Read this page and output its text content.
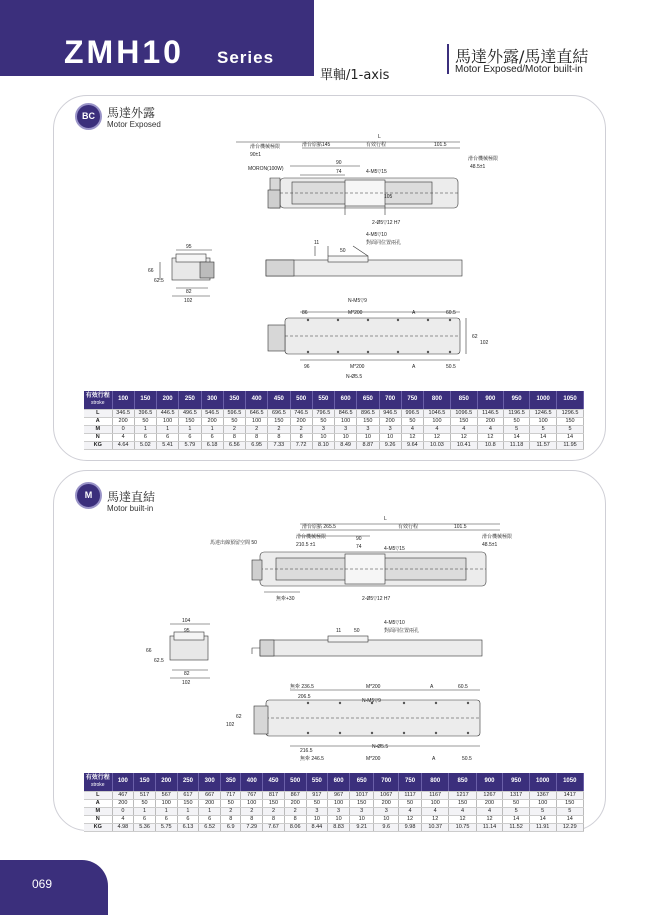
ZMH10 Series
單軸/1-axis
馬達外露/馬達直結
Motor Exposed/Motor built-in
BC	馬達外露
Motor Exposed
L
滑台原點145	有效行程	101.5
滑台機械極限
90±1
滑台機械極限
48.5±1
MORON(100W)
90
74	4-M5▽15
105
2-Ø5▽12 H7
95
66
62.5
82
102
11
50
4-M5▽10
對面同位置兩孔
N-M5▽9
86	M*200	A	60.5
62
102
96	M*200	A	50.5
N-Ø5.5
有效行程
stroke	100	150	200	250	300	350	400	450	500	550	600	650	700	750	800	850	900	950	1000	1050
L	346.5	396.5	446.5	496.5	546.5	596.5	646.5	696.5	746.5	796.5	846.5	896.5	946.5	996.5	1046.5	1096.5	1146.5	1196.5	1246.5	1296.5
A	200	50	100	150	200	50	100	150	200	50	100	150	200	50	100	150	200	50	100	150
M	0	1	1	1	1	2	2	2	2	3	3	3	3	4	4	4	4	5	5	5
N	4	6	6	6	6	8	8	8	8	10	10	10	10	12	12	12	12	14	14	14
KG	4.64	5.02	5.41	5.79	6.18	6.56	6.95	7.33	7.72	8.10	8.49	8.87	9.26	9.64	10.03	10.41	10.8	11.18	11.57	11.95
M	馬達直結
Motor built-in
L
滑台原點 265.5	有效行程	101.5
滑台機械極限
210.5 ±1
滑台機械極限
48.5±1
馬達出線預留空間 50
90
74	4-M5▽15
無牽+30	2-Ø5▽12 H7
104
95
66
62.5
82
102
11	50
4-M5▽10
對面同位置兩孔
無牽 236.5
206.5
M*200	A	60.5
N-M5▽9
216.5
N-Ø5.5
無牽 246.5	M*200	A	50.5
62
102
有效行程
stroke	100	150	200	250	300	350	400	450	500	550	600	650	700	750	800	850	900	950	1000	1050
L	467	517	567	617	667	717	767	817	867	917	967	1017	1067	1117	1167	1217	1267	1317	1367	1417
A	200	50	100	150	200	50	100	150	200	50	100	150	200	50	100	150	200	50	100	150
M	0	1	1	1	1	2	2	2	2	3	3	3	3	4	4	4	4	5	5	5
N	4	6	6	6	6	8	8	8	8	10	10	10	10	12	12	12	12	14	14	14
KG	4.98	5.36	5.75	6.13	6.52	6.9	7.29	7.67	8.06	8.44	8.83	9.21	9.6	9.98	10.37	10.75	11.14	11.52	11.91	12.29
069
